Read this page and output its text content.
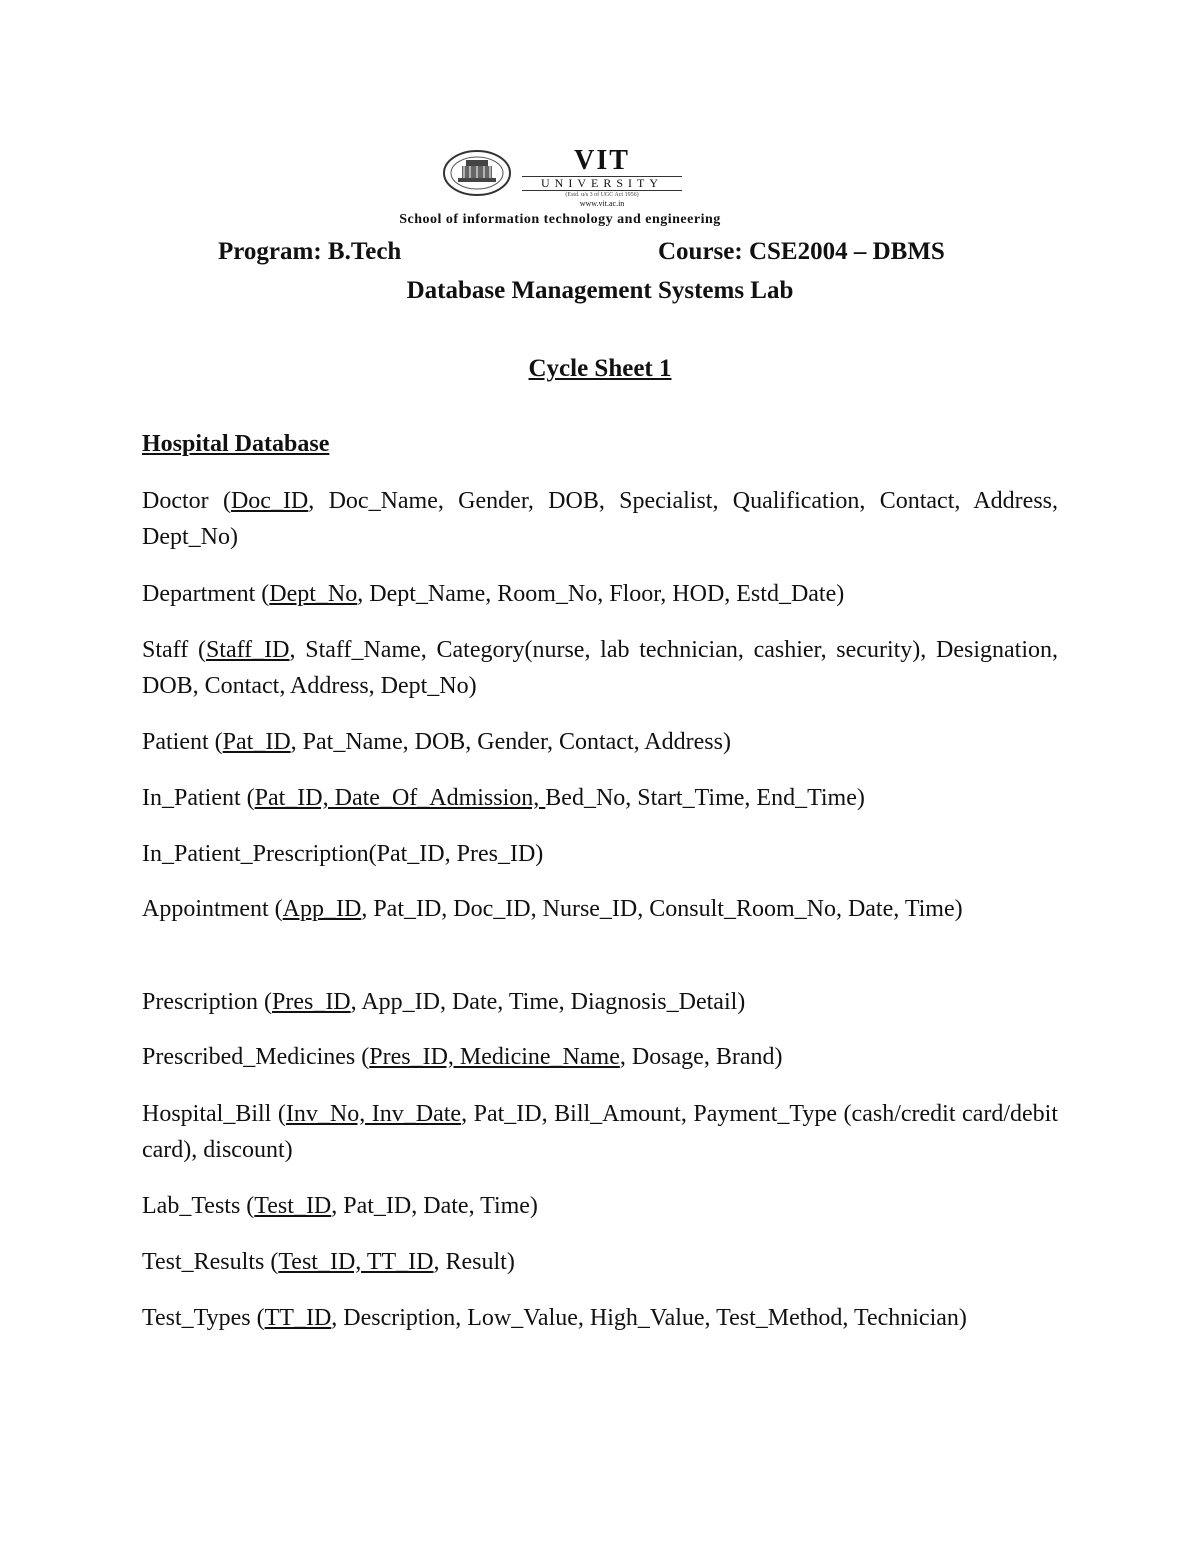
VIT
UNIVERSITY
(Estd. u/s 3 of UGC Act 1956)
www.vit.ac.in
School of information technology and engineering
Program: B.Tech	Course: CSE2004 – DBMS
Database Management Systems Lab
Cycle Sheet 1
Hospital Database
Doctor (Doc_ID, Doc_Name, Gender, DOB, Specialist, Qualification, Contact, Address, Dept_No)
Department (Dept_No, Dept_Name, Room_No, Floor, HOD, Estd_Date)
Staff (Staff_ID, Staff_Name, Category(nurse, lab technician, cashier, security), Designation, DOB, Contact, Address, Dept_No)
Patient (Pat_ID, Pat_Name, DOB, Gender, Contact, Address)
In_Patient (Pat_ID, Date_Of_Admission, Bed_No, Start_Time, End_Time)
In_Patient_Prescription(Pat_ID, Pres_ID)
Appointment (App_ID, Pat_ID, Doc_ID, Nurse_ID, Consult_Room_No, Date, Time)
Prescription (Pres_ID, App_ID, Date, Time, Diagnosis_Detail)
Prescribed_Medicines (Pres_ID, Medicine_Name, Dosage, Brand)
Hospital_Bill (Inv_No, Inv_Date, Pat_ID, Bill_Amount, Payment_Type (cash/credit card/debit card), discount)
Lab_Tests (Test_ID, Pat_ID, Date, Time)
Test_Results (Test_ID, TT_ID, Result)
Test_Types (TT_ID, Description, Low_Value, High_Value, Test_Method, Technician)
